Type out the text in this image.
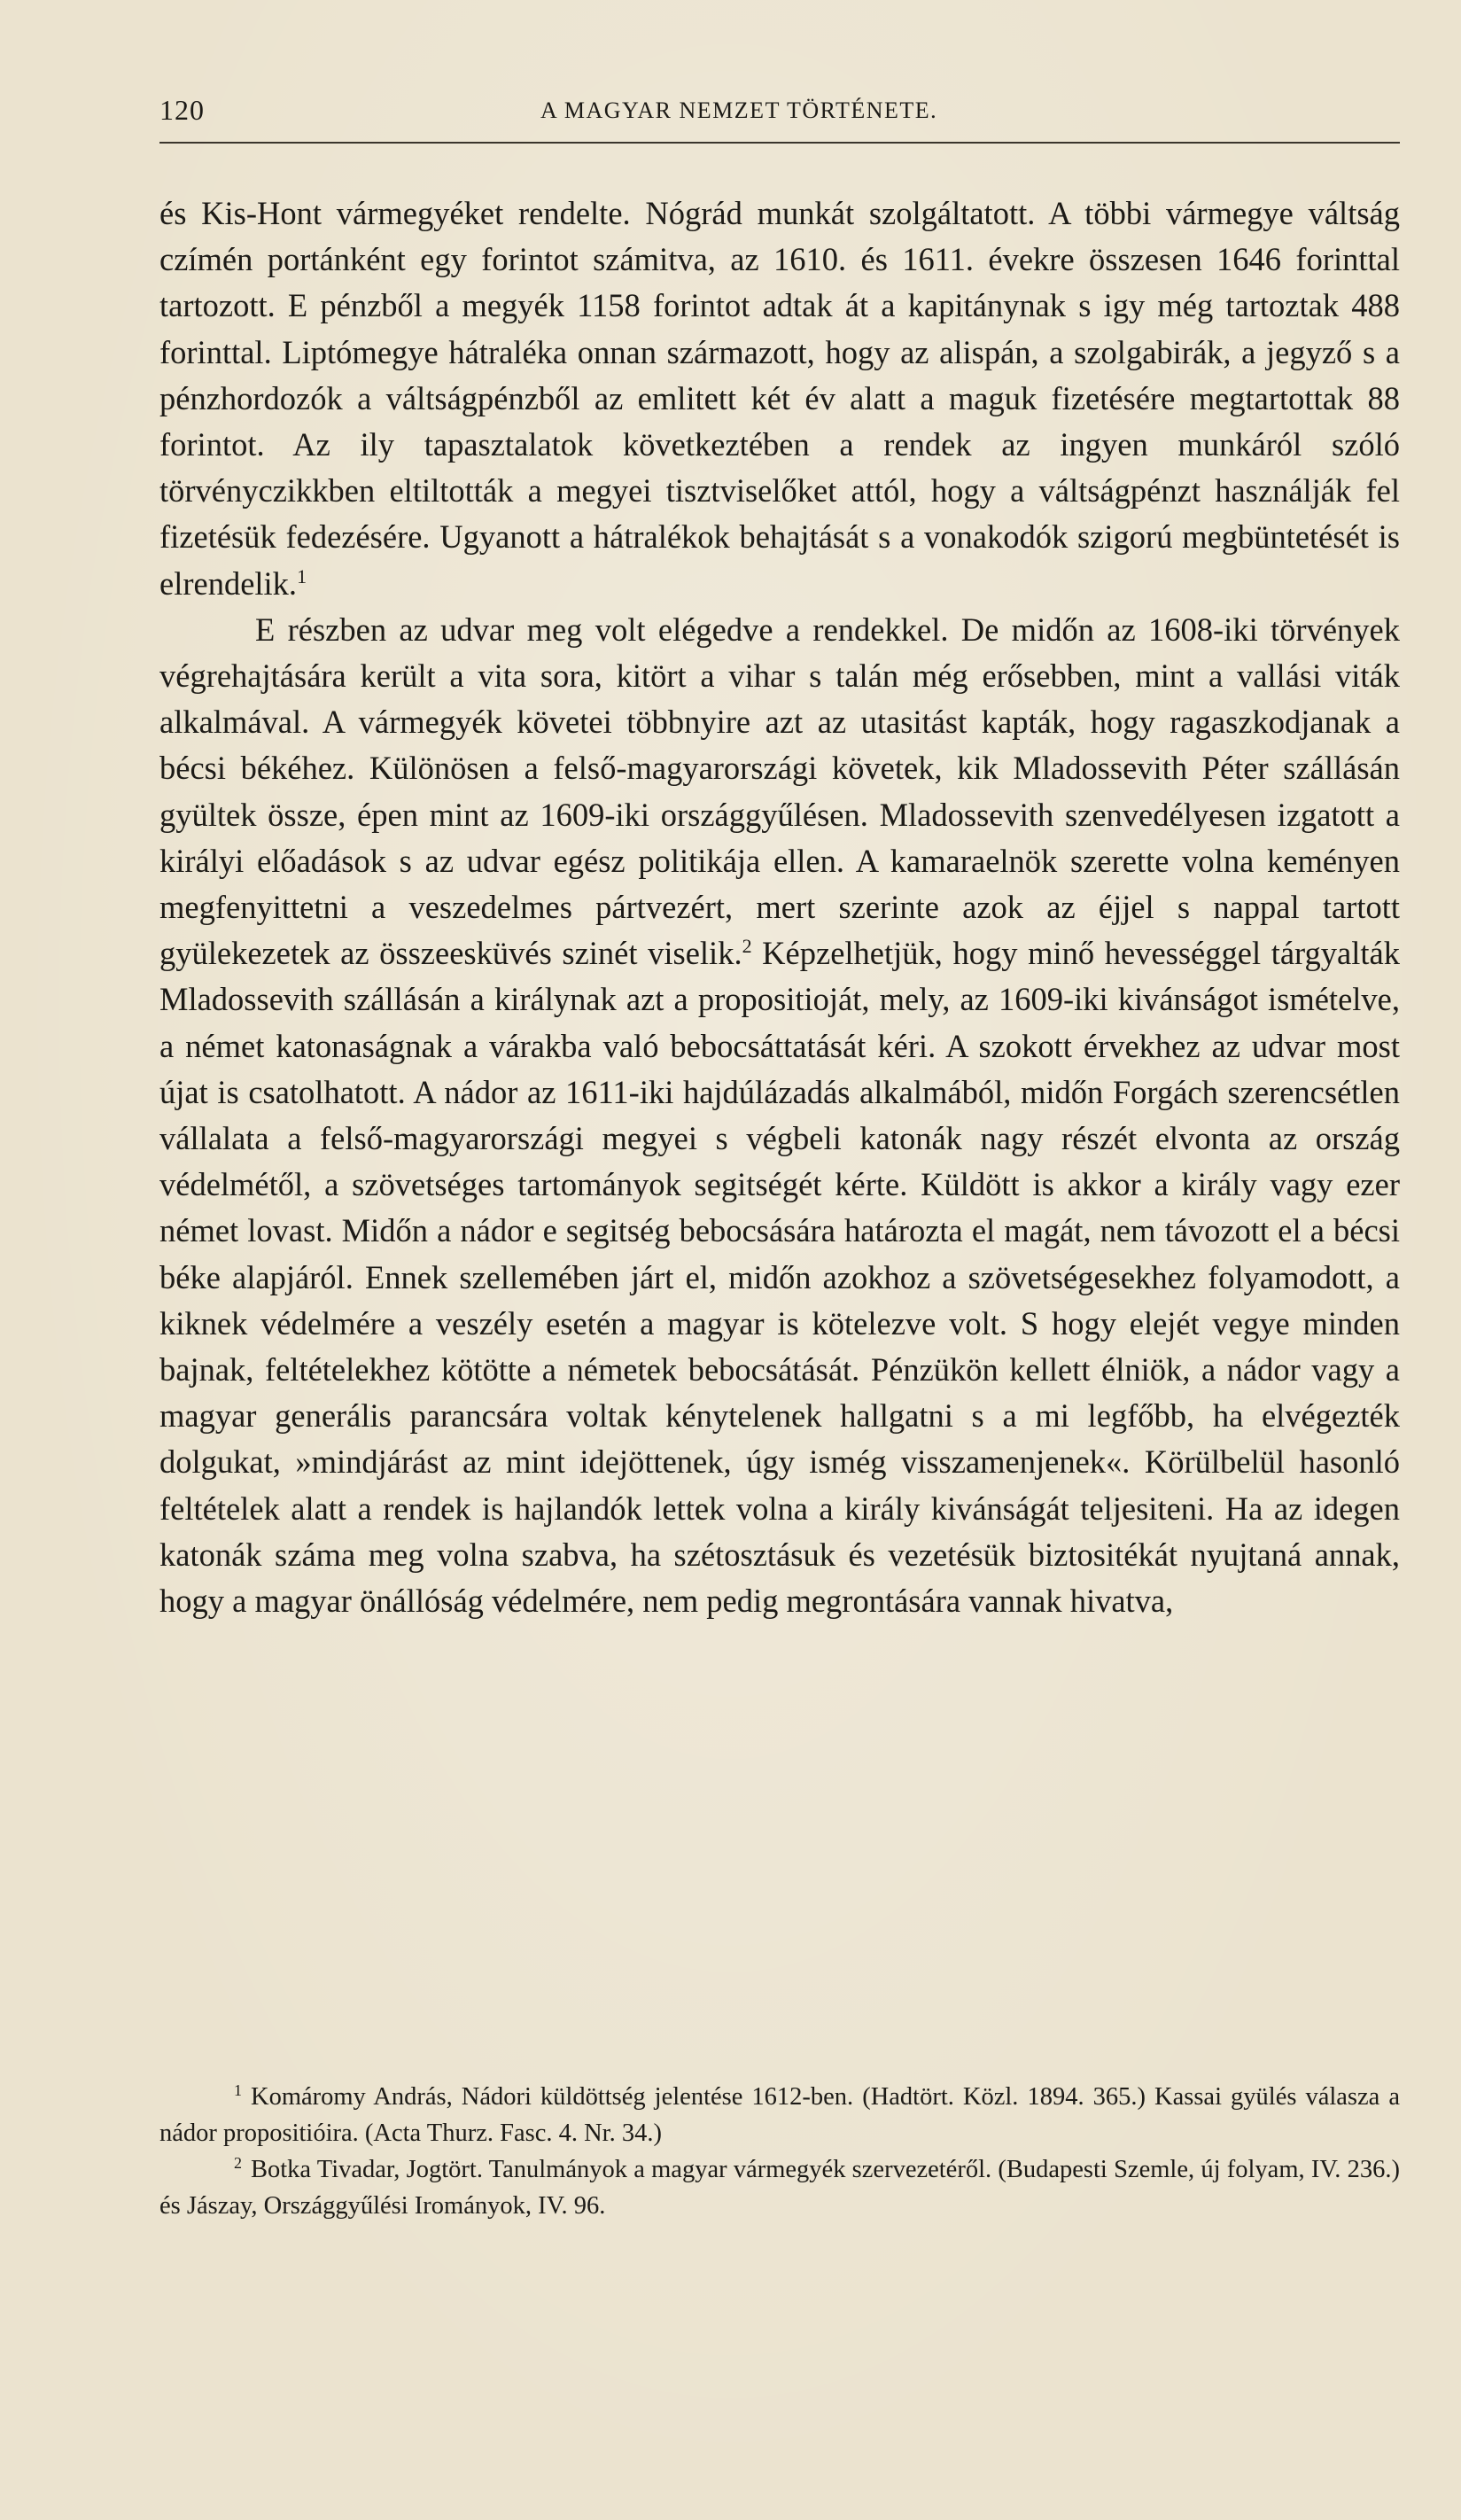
120	A MAGYAR NEMZET TÖRTÉNETE.

és Kis-Hont vármegyéket rendelte. Nógrád munkát szolgáltatott. A többi vármegye váltság czímén portánként egy forintot számitva, az 1610. és 1611. évekre összesen 1646 forinttal tartozott. E pénzből a megyék 1158 forintot adtak át a kapitánynak s igy még tartoztak 488 forinttal. Liptómegye hátraléka onnan származott, hogy az alispán, a szolgabirák, a jegyző s a pénzhordozók a váltságpénzből az emlitett két év alatt a maguk fizetésére megtartottak 88 forintot. Az ily tapasztalatok következtében a rendek az ingyen munkáról szóló törvényczikkben eltiltották a megyei tisztviselőket attól, hogy a váltságpénzt használják fel fizetésük fedezésére. Ugyanott a hátralékok behajtását s a vonakodók szigorú megbüntetését is elrendelik.$^1$

E részben az udvar meg volt elégedve a rendekkel. De midőn az 1608-iki törvények végrehajtására került a vita sora, kitört a vihar s talán még erősebben, mint a vallási viták alkalmával. A vármegyék követei többnyire azt az utasitást kapták, hogy ragaszkodjanak a bécsi békéhez. Különösen a felső-magyarországi követek, kik Mladossevith Péter szállásán gyültek össze, épen mint az 1609-iki országgyűlésen. Mladossevith szenvedélyesen izgatott a királyi előadások s az udvar egész politikája ellen. A kamaraelnök szerette volna keményen megfenyittetni a veszedelmes pártvezért, mert szerinte azok az éjjel s nappal tartott gyülekezetek az összeesküvés szinét viselik.$^2$ Képzelhetjük, hogy minő hevességgel tárgyalták Mladossevith szállásán a királynak azt a propositioját, mely, az 1609-iki kivánságot ismételve, a német katonaságnak a várakba való bebocsáttatását kéri. A szokott érvekhez az udvar most újat is csatolhatott. A nádor az 1611-iki hajdúlázadás alkalmából, midőn Forgách szerencsétlen vállalata a felső-magyarországi megyei s végbeli katonák nagy részét elvonta az ország védelmétől, a szövetséges tartományok segitségét kérte. Küldött is akkor a király vagy ezer német lovast. Midőn a nádor e segitség bebocsására határozta el magát, nem távozott el a bécsi béke alapjáról. Ennek szellemében járt el, midőn azokhoz a szövetségesekhez folyamodott, a kiknek védelmére a veszély esetén a magyar is kötelezve volt. S hogy elejét vegye minden bajnak, feltételekhez kötötte a németek bebocsátását. Pénzükön kellett élniök, a nádor vagy a magyar generális parancsára voltak kénytelenek hallgatni s a mi legfőbb, ha elvégezték dolgukat, »mindjárást az mint idejöttenek, úgy ismég visszamenjenek«. Körülbelül hasonló feltételek alatt a rendek is hajlandók lettek volna a király kivánságát teljesiteni. Ha az idegen katonák száma meg volna szabva, ha szétosztásuk és vezetésük biztositékát nyujtaná annak, hogy a magyar önállóság védelmére, nem pedig megrontására vannak hivatva,

$^1$ Komáromy András, Nádori küldöttség jelentése 1612-ben. (Hadtört. Közl. 1894. 365.) Kassai gyülés válasza a nádor propositióira. (Acta Thurz. Fasc. 4. Nr. 34.)

$^2$ Botka Tivadar, Jogtört. Tanulmányok a magyar vármegyék szervezetéről. (Budapesti Szemle, új folyam, IV. 236.) és Jászay, Országgyűlési Irományok, IV. 96.
